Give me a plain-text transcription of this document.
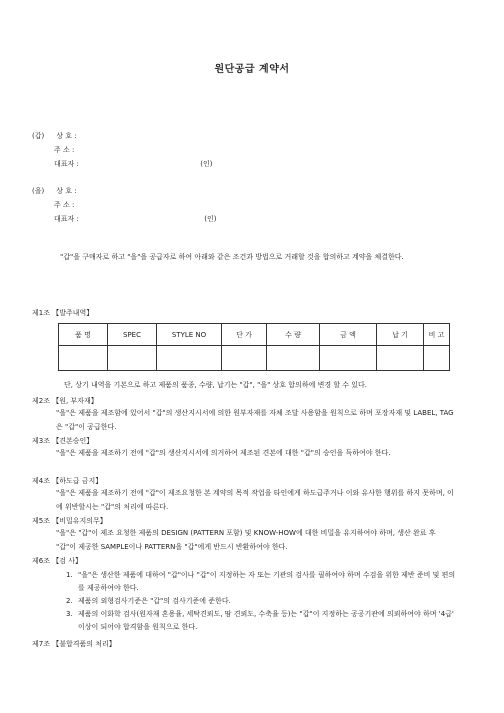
원단공급 계약서
(갑) 상 호 :
주 소 :
대표자 :	(인)
(을) 상 호 :
주 소 :
대표자 :	(인)
"갑"을 구매자로 하고 "을"을 공급자로 하여 아래와 같은 조건과 방법으로 거래할 것을 합의하고 계약을 체결한다.
제1조 【발주내역】
품 명	SPEC	STYLE NO	단 가	수 량	금 액	납 기	비 고

단, 상기 내역을 기본으로 하고 제품의 품종, 수량, 납기는 "갑", "을" 상호 합의하에 변경 할 수 있다.
제2조 【원, 부자재】
"을"은 제품을 제조함에 있어서 "갑"의 생산지시서에 의한 원부자재를 자체 조달 사용함을 원칙으로 하며 포장자재 및 LABEL, TAG은 "갑"이 공급한다.
제3조 【견본승인】
"을"은 제품을 제조하기 전에 "갑"의 생산지시서에 의거하여 제조된 견본에 대한 "갑"의 승인을 득하여야 한다.
제4조 【하도급 금지】
"을"은 제품을 제조하기 전에 "갑"이 제조요청한 본 계약의 목적 작업을 타인에게 하도급주거나 이와 유사한 행위를 하지 못하며, 이에 위반할시는 "갑"의 처리에 따른다.
제5조 【비밀유지의무】
"을"은 "갑"이 제조 요청한 제품의 DESIGN (PATTERN 포함) 및 KNOW-HOW에 대한 비밀을 유지하여야 하며, 생산 완료 후 "갑"이 제공한 SAMPLE이나 PATTERN을 "갑"에게 반드시 반환하여야 한다.
제6조 【검 사】
1. "을"은 생산한 제품에 대하여 "갑"이나 "갑"이 지정하는 자 또는 기관의 검사를 필하여야 하며 수검을 위한 제반 준비 및 편의를 제공하여야 한다.
2. 제품의 외형검사기준은 "갑"의 검사기준에 준한다.
3. 제품의 이화학 검사(원자재 혼용율, 세탁견뢰도, 땀 견뢰도, 수축율 등)는 "갑"이 지정하는 공공기관에 의뢰하여야 하며 '4급' 이상이 되어야 합격함을 원칙으로 한다.
제7조 【불합격품의 처리】
